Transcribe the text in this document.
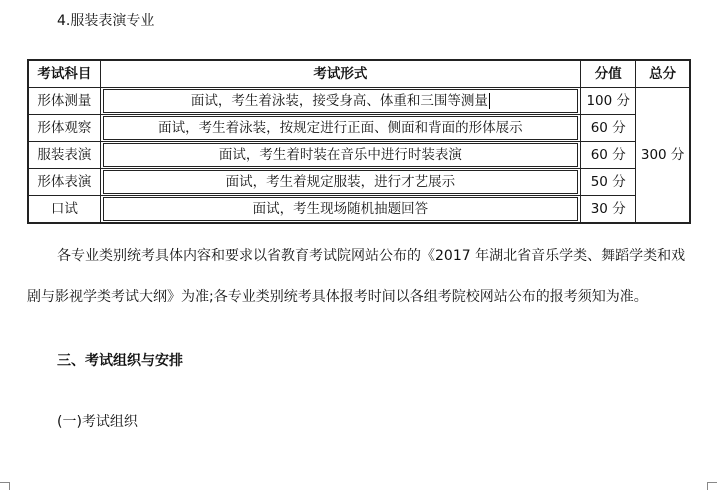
4.服装表演专业
考试科目	考试形式	分值	总分
形体测量	面试，考生着泳装，接受身高、体重和三围等测量	100 分	300 分
形体观察	面试，考生着泳装，按规定进行正面、侧面和背面的形体展示	60 分	
服装表演	面试，考生着时装在音乐中进行时装表演	60 分	
形体表演	面试，考生着规定服装，进行才艺展示	50 分	
口试	面试，考生现场随机抽题回答	30 分	
各专业类别统考具体内容和要求以省教育考试院网站公布的《2017 年湖北省音乐学类、舞蹈学类和戏
剧与影视学类考试大纲》为准;各专业类别统考具体报考时间以各组考院校网站公布的报考须知为准。
三、考试组织与安排
(一)考试组织
